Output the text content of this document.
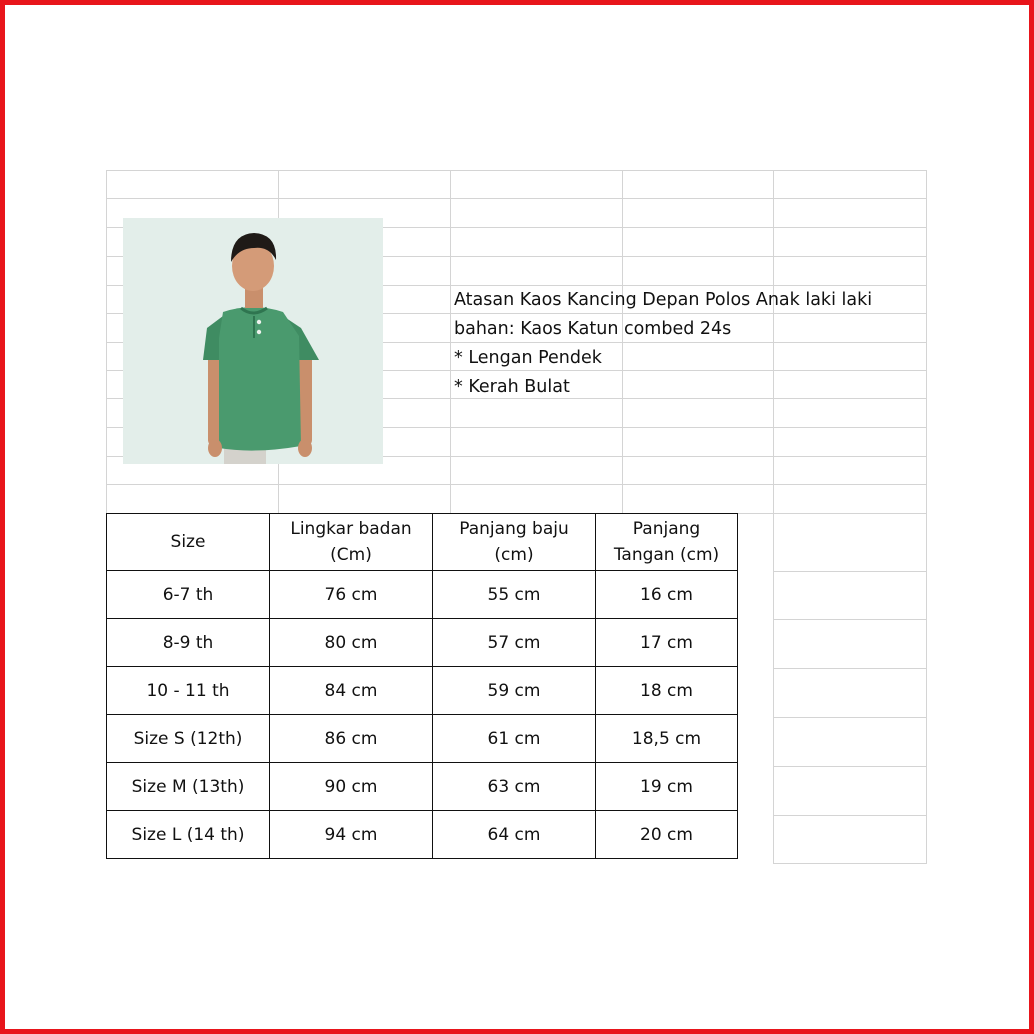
Atasan Kaos Kancing Depan Polos Anak laki laki
bahan: Kaos Katun combed 24s
* Lengan Pendek
* Kerah Bulat
Size	Lingkar badan (Cm)	Panjang baju (cm)	Panjang Tangan (cm)
6-7 th	76 cm	55 cm	16 cm
8-9 th	80 cm	57 cm	17 cm
10 - 11 th	84 cm	59 cm	18 cm
Size S (12th)	86 cm	61 cm	18,5 cm
Size M (13th)	90 cm	63 cm	19 cm
Size L (14 th)	94 cm	64 cm	20 cm
